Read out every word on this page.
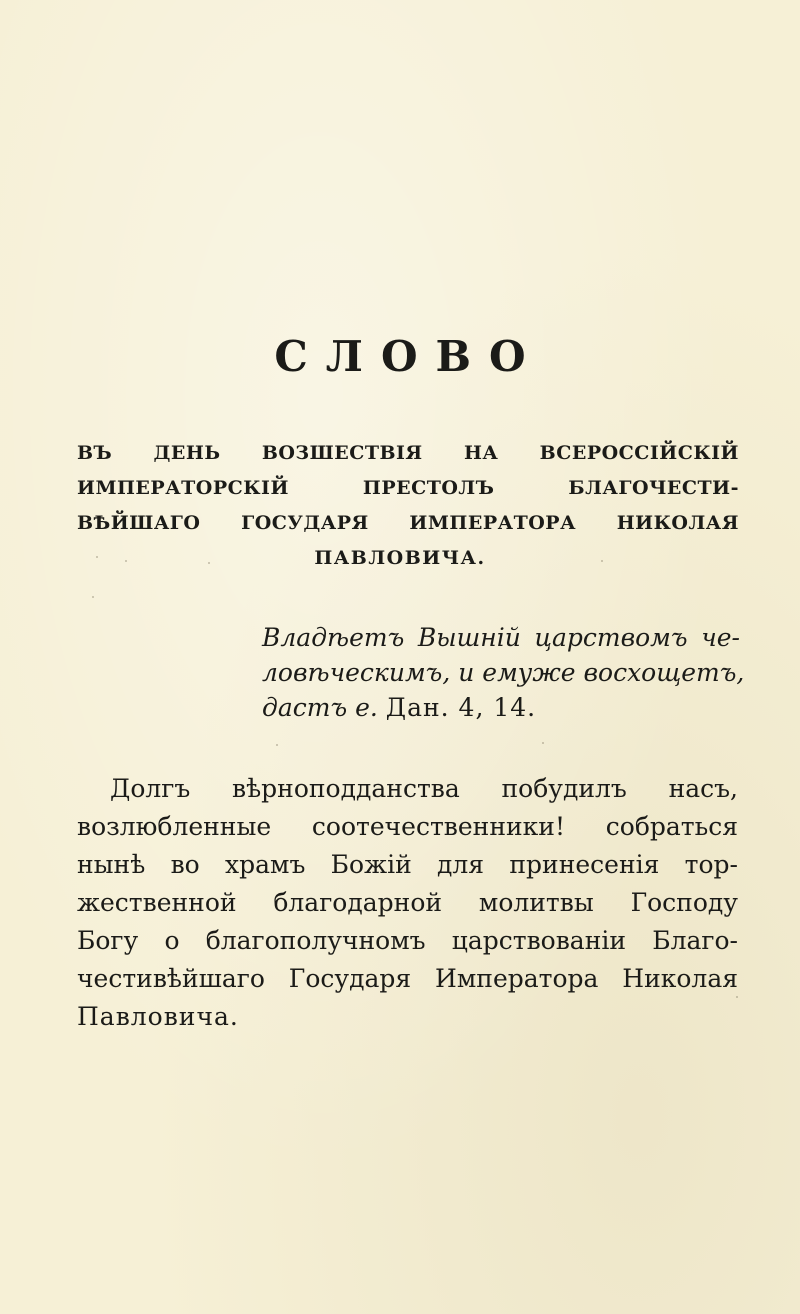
СЛОВО
ВЪ ДЕНЬ ВОЗШЕСТВІЯ НА ВСЕРОССІЙСКІЙ
ИМПЕРАТОРСКІЙ ПРЕСТОЛЪ БЛАГОЧЕСТИ-
ВѢЙШАГО ГОСУДАРЯ ИМПЕРАТОРА НИКОЛАЯ
ПАВЛОВИЧА.
Владѣетъ Вышній царствомъ че-
ловѣческимъ, и емуже восхощетъ,
дастъ е. Дан. 4, 14.
Долгъ вѣрноподданства побудилъ насъ,
возлюбленные соотечественники! собраться
нынѣ во храмъ Божій для принесенія тор-
жественной благодарной молитвы Господу
Богу о благополучномъ царствованіи Благо-
честивѣйшаго Государя Императора Николая
Павловича.
